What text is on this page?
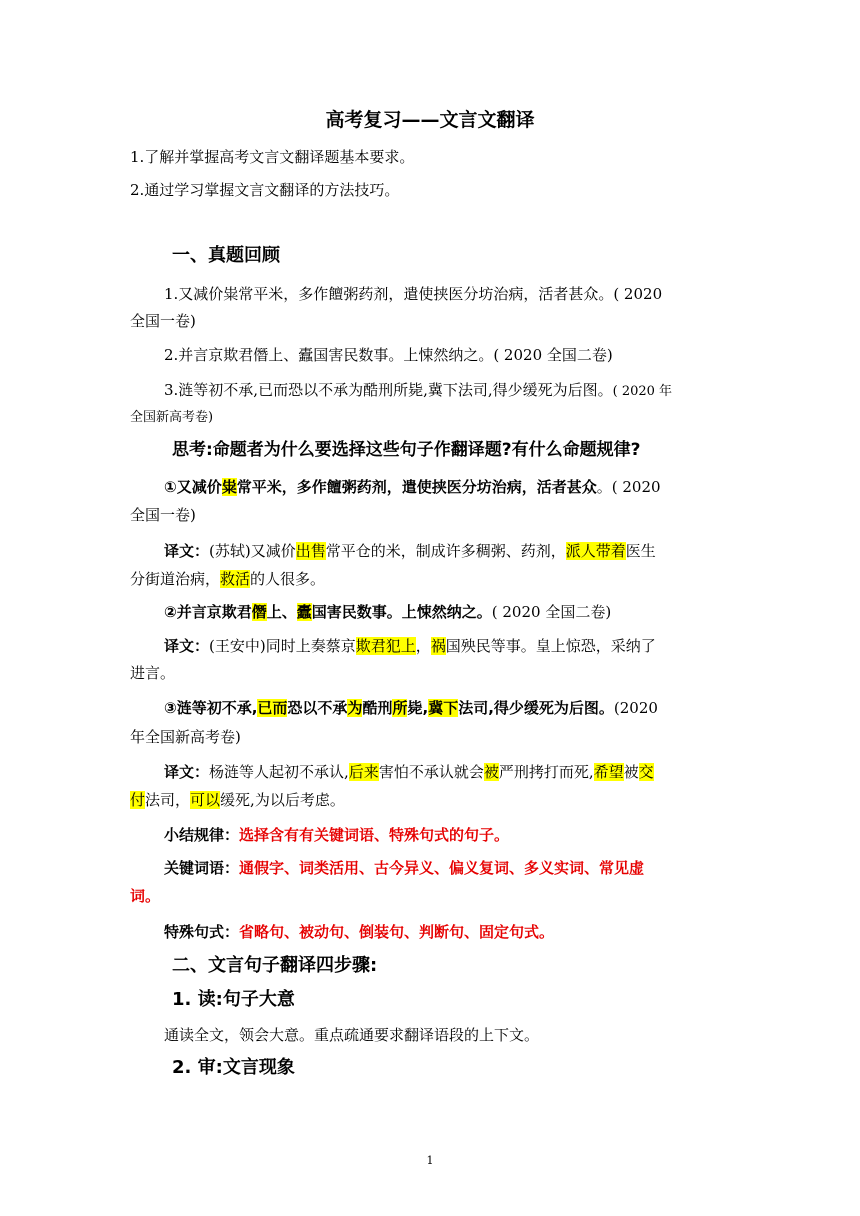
高考复习——文言文翻译
1.了解并掌握高考文言文翻译题基本要求。
2.通过学习掌握文言文翻译的方法技巧。
一、真题回顾
1.又减价粜常平米，多作饘粥药剂，遣使挟医分坊治病，活者甚众。( 2020
全国一卷)
2.并言京欺君僭上、蠹国害民数事。上悚然纳之。( 2020 全国二卷)
3.涟等初不承,已而恐以不承为酷刑所毙,冀下法司,得少缓死为后图。( 2020 年
全国新高考卷)
思考:命题者为什么要选择这些句子作翻译题?有什么命题规律?
①又减价粜常平米，多作饘粥药剂，遣使挟医分坊治病，活者甚众。( 2020
全国一卷)
译文：(苏轼)又减价出售常平仓的米，制成许多稠粥、药剂，派人带着医生
分街道治病，救活的人很多。
②并言京欺君僭上、蠹国害民数事。上悚然纳之。( 2020 全国二卷)
译文：(王安中)同时上奏蔡京欺君犯上，祸国殃民等事。皇上惊恐，采纳了
进言。
③涟等初不承,已而恐以不承为酷刑所毙,冀下法司,得少缓死为后图。(2020
年全国新高考卷)
译文：杨涟等人起初不承认,后来害怕不承认就会被严刑拷打而死,希望被交
付法司，可以缓死,为以后考虑。
小结规律：选择含有有关键词语、特殊句式的句子。
关键词语：通假字、词类活用、古今异义、偏义复词、多义实词、常见虚
词。
特殊句式：省略句、被动句、倒装句、判断句、固定句式。
二、文言句子翻译四步骤:
1. 读:句子大意
通读全文，领会大意。重点疏通要求翻译语段的上下文。
2. 审:文言现象
1
